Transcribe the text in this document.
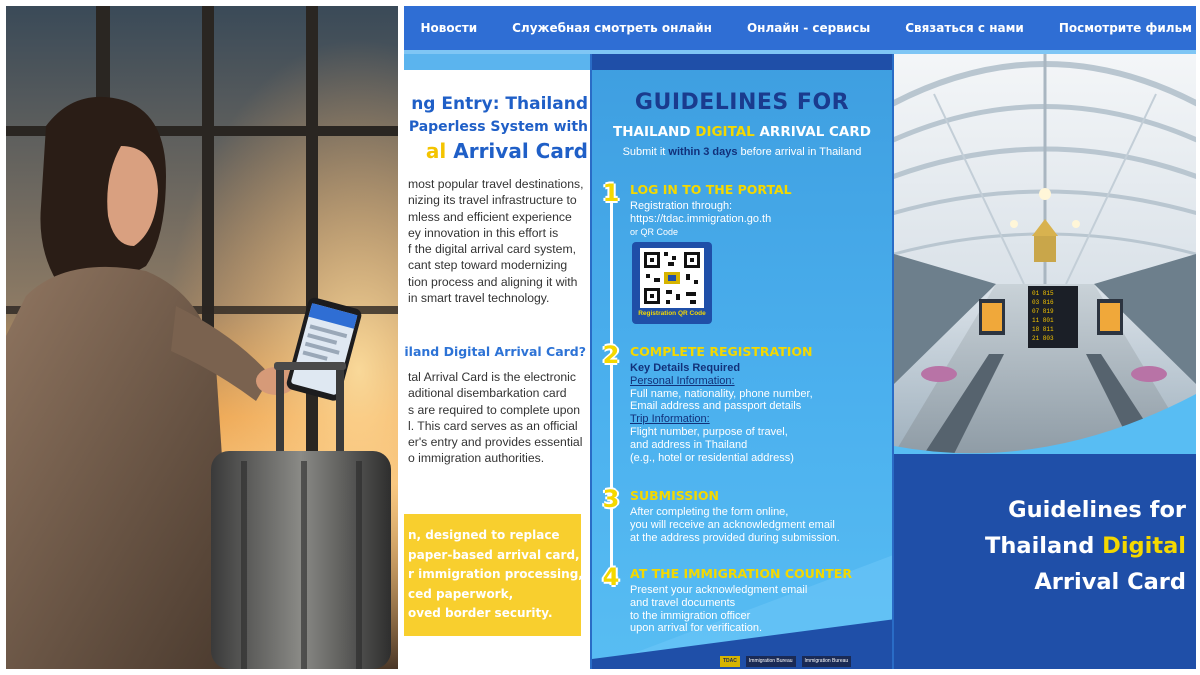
Новости	Служебная смотреть онлайн	Онлайн - сервисы	Связаться с нами	Посмотрите фильм
ng Entry: Thailand
Paperless System with
al Arrival Card
most popular travel destinations,
nizing its travel infrastructure to
mless and efficient experience
ey innovation in this effort is
f the digital arrival card system,
cant step toward modernizing
tion process and aligning it with
in smart travel technology.
iland Digital Arrival Card?
tal Arrival Card is the electronic
aditional disembarkation card
s are required to complete upon
l. This card serves as an official
er's entry and provides essential
o immigration authorities.
n, designed to replace
paper-based arrival card,
r immigration processing,
ced paperwork,
oved border security.
GUIDELINES FOR
THAILAND DIGITAL ARRIVAL CARD
Submit it within 3 days before arrival in Thailand
1 LOG IN TO THE PORTAL
Registration through:
https://tdac.immigration.go.th
or QR Code
Registration QR Code
2 COMPLETE REGISTRATION
Key Details Required
Personal Information:
Full name, nationality, phone number,
Email address and passport details
Trip Information:
Flight number, purpose of travel,
and address in Thailand
(e.g., hotel or residential address)
3 SUBMISSION
After completing the form online,
you will receive an acknowledgment email
at the address provided during submission.
4 AT THE IMMIGRATION COUNTER
Present your acknowledgment email
and travel documents
to the immigration officer
upon arrival for verification.
TDAC	Immigration Bureau	Immigration Bureau
01 815
03 816
07 819
11 801
18 811
21 803
Guidelines for
Thailand Digital
Arrival Card
